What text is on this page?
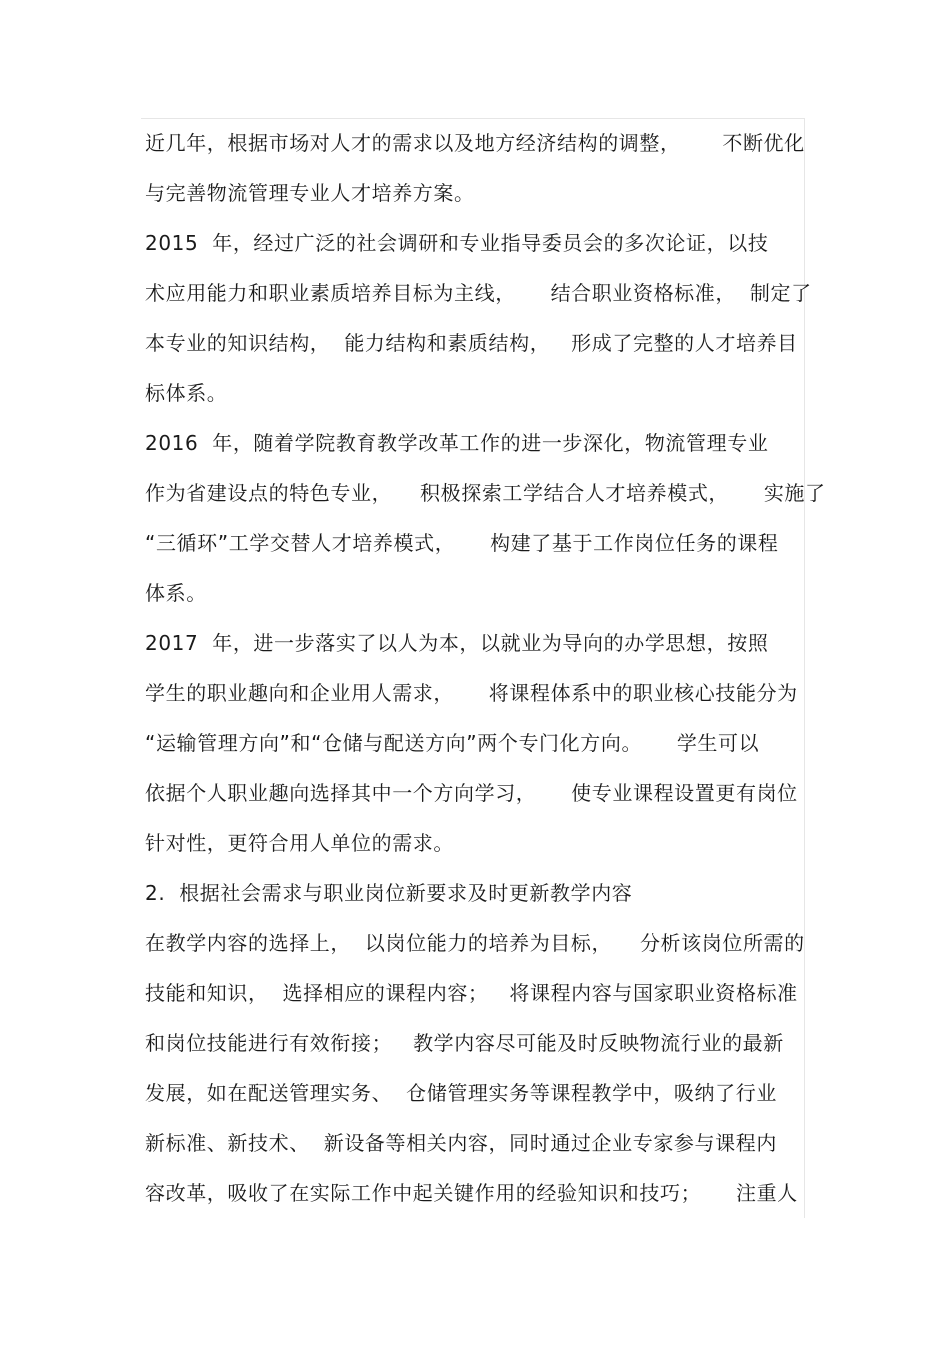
近几年，根据市场对人才的需求以及地方经济结构的调整，      不断优化
与完善物流管理专业人才培养方案。
2015  年，经过广泛的社会调研和专业指导委员会的多次论证，以技
术应用能力和职业素质培养目标为主线，     结合职业资格标准，  制定了
本专业的知识结构，  能力结构和素质结构，   形成了完整的人才培养目
标体系。
2016  年，随着学院教育教学改革工作的进一步深化，物流管理专业
作为省建设点的特色专业，    积极探索工学结合人才培养模式，     实施了
“三循环”工学交替人才培养模式，     构建了基于工作岗位任务的课程
体系。
2017  年，进一步落实了以人为本，以就业为导向的办学思想，按照
学生的职业趣向和企业用人需求，     将课程体系中的职业核心技能分为
“运输管理方向”和“仓储与配送方向”两个专门化方向。     学生可以
依据个人职业趣向选择其中一个方向学习，     使专业课程设置更有岗位
针对性，更符合用人单位的需求。
2.  根据社会需求与职业岗位新要求及时更新教学内容
在教学内容的选择上，  以岗位能力的培养为目标，    分析该岗位所需的
技能和知识，  选择相应的课程内容；   将课程内容与国家职业资格标准
和岗位技能进行有效衔接；   教学内容尽可能及时反映物流行业的最新
发展，如在配送管理实务、  仓储管理实务等课程教学中，吸纳了行业
新标准、新技术、  新设备等相关内容，同时通过企业专家参与课程内
容改革，吸收了在实际工作中起关键作用的经验知识和技巧；     注重人
